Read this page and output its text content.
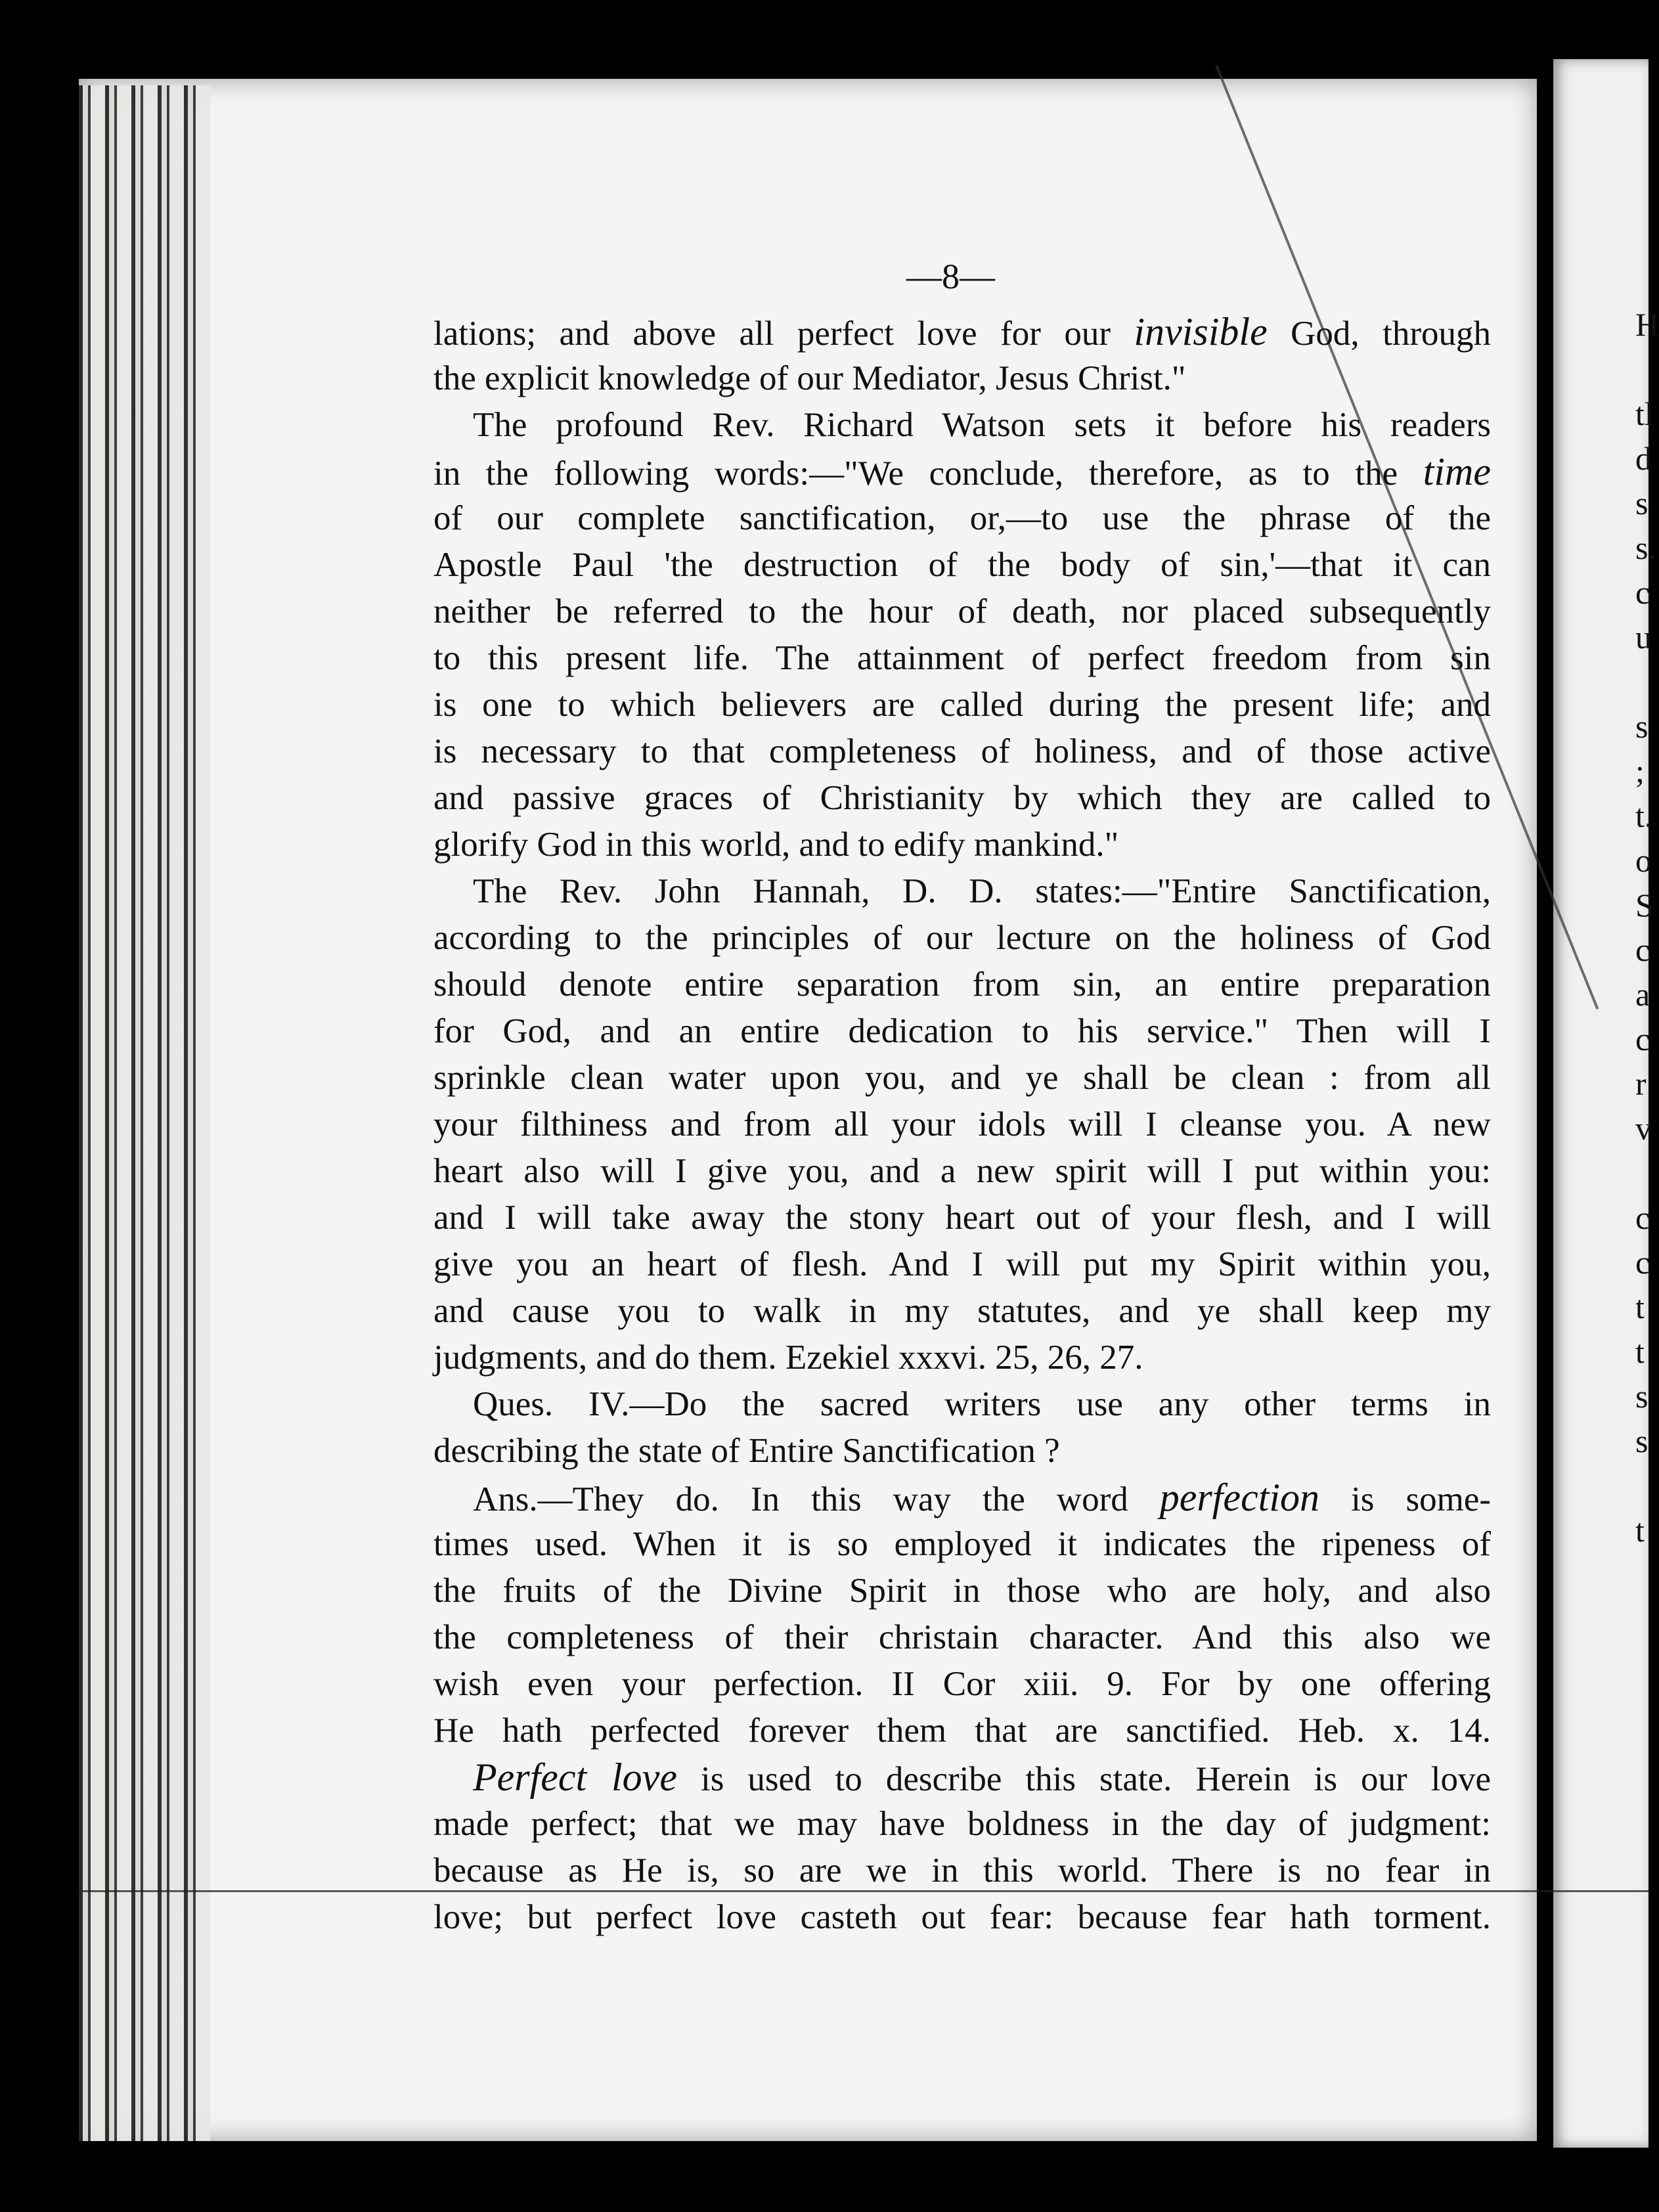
—8—
lations; and above all perfect love for our invisible God, through
the explicit knowledge of our Mediator, Jesus Christ."
The profound Rev. Richard Watson sets it before his readers
in the following words:—"We conclude, therefore, as to the time
of our complete sanctification, or,—to use the phrase of the
Apostle Paul 'the destruction of the body of sin,'—that it can
neither be referred to the hour of death, nor placed subsequently
to this present life. The attainment of perfect freedom from sin
is one to which believers are called during the present life; and
is necessary to that completeness of holiness, and of those active
and passive graces of Christianity by which they are called to
glorify God in this world, and to edify mankind."
The Rev. John Hannah, D. D. states:—"Entire Sanctification,
according to the principles of our lecture on the holiness of God
should denote entire separation from sin, an entire preparation
for God, and an entire dedication to his service." Then will I
sprinkle clean water upon you, and ye shall be clean : from all
your filthiness and from all your idols will I cleanse you. A new
heart also will I give you, and a new spirit will I put within you:
and I will take away the stony heart out of your flesh, and I will
give you an heart of flesh. And I will put my Spirit within you,
and cause you to walk in my statutes, and ye shall keep my
judgments, and do them. Ezekiel xxxvi. 25, 26, 27.
Ques. IV.—Do the sacred writers use any other terms in
describing the state of Entire Sanctification ?
Ans.—They do. In this way the word perfection is some-
times used. When it is so employed it indicates the ripeness of
the fruits of the Divine Spirit in those who are holy, and also
the completeness of their christain character. And this also we
wish even your perfection. II Cor xiii. 9. For by one offering
He hath perfected forever them that are sanctified. Heb. x. 14.
Perfect love is used to describe this state. Herein is our love
made perfect; that we may have boldness in the day of judgment:
because as He is, so are we in this world. There is no fear in
love; but perfect love casteth out fear: because fear hath torment.
H
tl
d
s
s.
c
u
s
;
t.
o
S
c
a
c
r
v
c
c
t
t
s
s
t
